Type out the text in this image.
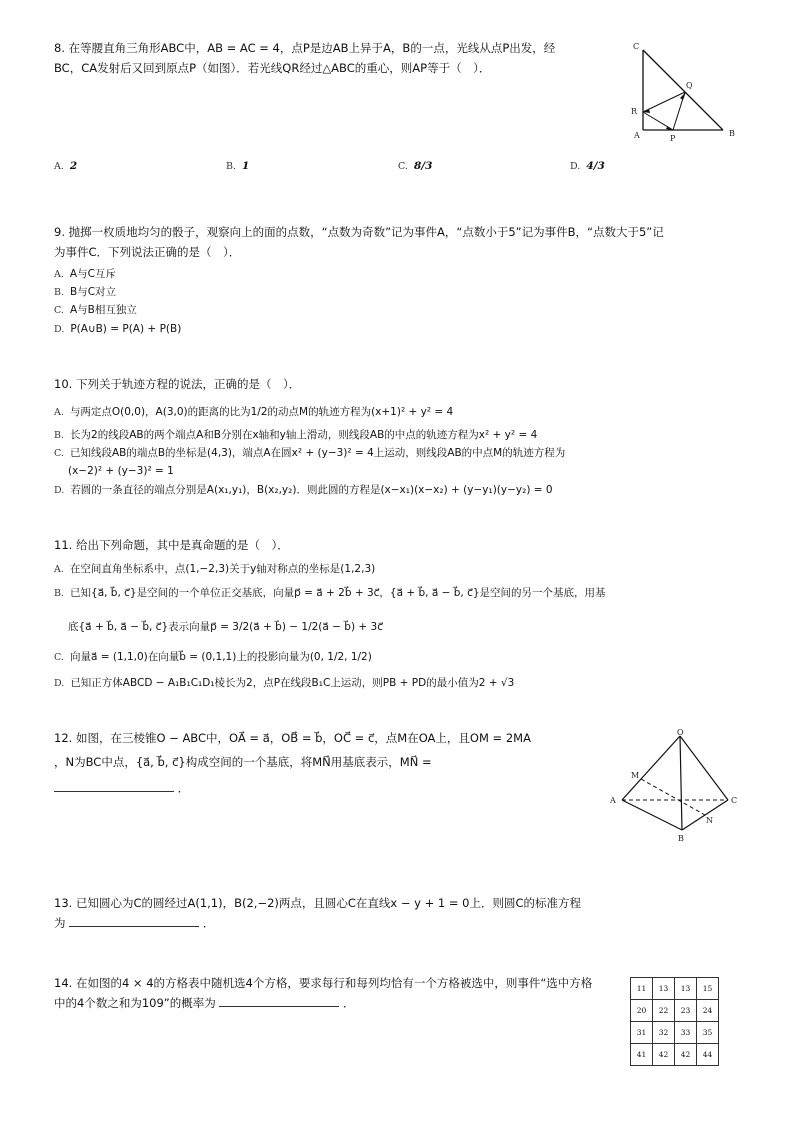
8. 在等腰直角三角形ABC中，AB = AC = 4，点P是边AB上异于A，B的一点，光线从点P出发，经
BC，CA发射后又回到原点P（如图）．若光线QR经过△ABC的重心，则AP等于（　）．
C
Q
R
A	P
B
A. 2	B. 1	C. 8/3	D. 4/3
9. 抛掷一枚质地均匀的骰子，观察向上的面的点数，“点数为奇数”记为事件A，“点数小于5”记为事件B，“点数大于5”记
为事件C．下列说法正确的是（　）．
A. A与C互斥
B. B与C对立
C. A与B相互独立
D. P(A∪B) = P(A) + P(B)
10. 下列关于轨迹方程的说法，正确的是（　）．
A. 与两定点O(0,0)，A(3,0)的距离的比为1/2的动点M的轨迹方程为(x+1)² + y² = 4
B. 长为2的线段AB的两个端点A和B分别在x轴和y轴上滑动，则线段AB的中点的轨迹方程为x² + y² = 4
C. 已知线段AB的端点B的坐标是(4,3)，端点A在圆x² + (y−3)² = 4上运动，则线段AB的中点M的轨迹方程为
(x−2)² + (y−3)² = 1
D. 若圆的一条直径的端点分别是A(x₁,y₁)，B(x₂,y₂)．则此圆的方程是(x−x₁)(x−x₂) + (y−y₁)(y−y₂) = 0
11. 给出下列命题，其中是真命题的是（　）．
A. 在空间直角坐标系中，点(1,−2,3)关于y轴对称点的坐标是(1,2,3)
B. 已知{a⃗, b⃗, c⃗}是空间的一个单位正交基底，向量p⃗ = a⃗ + 2b⃗ + 3c⃗，{a⃗ + b⃗, a⃗ − b⃗, c⃗}是空间的另一个基底，用基
底{a⃗ + b⃗, a⃗ − b⃗, c⃗}表示向量p⃗ = 3/2(a⃗ + b⃗) − 1/2(a⃗ − b⃗) + 3c⃗
C. 向量a⃗ = (1,1,0)在向量b⃗ = (0,1,1)上的投影向量为(0, 1/2, 1/2)
D. 已知正方体ABCD − A₁B₁C₁D₁棱长为2，点P在线段B₁C上运动，则PB + PD的最小值为2 + √3
12. 如图，在三棱锥O − ABC中，OA⃗ = a⃗，OB⃗ = b⃗，OC⃗ = c⃗，点M在OA上，且OM = 2MA
，N为BC中点，{a⃗, b⃗, c⃗}构成空间的一个基底，将MN⃗用基底表示，MN⃗ =
．
O
M
A	C
N
B
13. 已知圆心为C的圆经过A(1,1)，B(2,−2)两点，且圆心C在直线x − y + 1 = 0上．则圆C的标准方程
为	．
14. 在如图的4 × 4的方格表中随机选4个方格，要求每行和每列均恰有一个方格被选中，则事件“选中方格
中的4个数之和为109”的概率为	．
11	13	13	15
20	22	23	24
31	32	33	35
41	42	42	44
